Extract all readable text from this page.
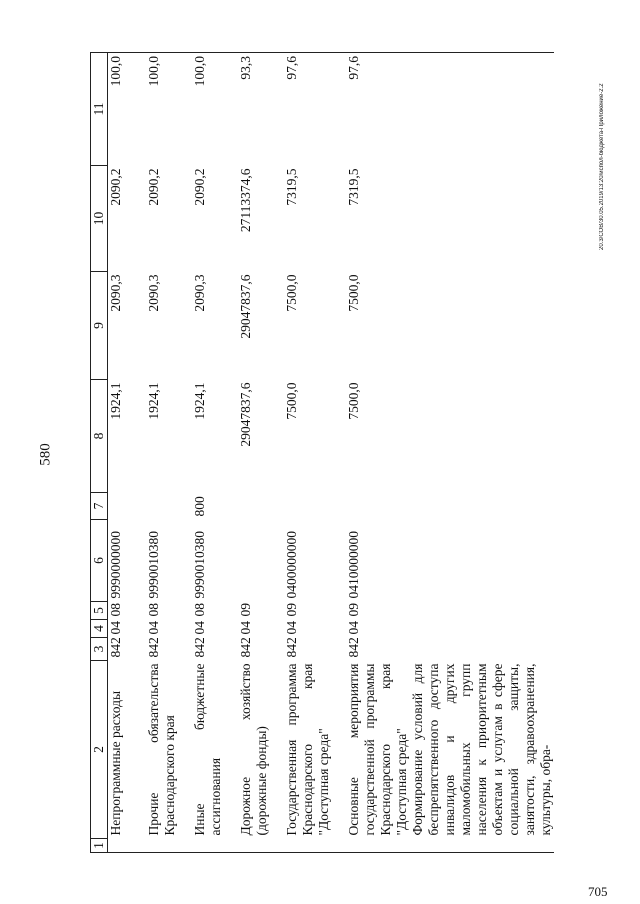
580
20.3/СОВ/30.05.2019/13:20/испол-бюджета-Приложение-2.2
705
1	2	3	4	5	6	7	8	9	10	11
	Непрограммные расходы	842	04	08	9990000000		1924,1	2090,3	2090,2	100,0
	Прочие обязательства Краснодарского края	842	04	08	9990010380		1924,1	2090,3	2090,2	100,0
	Иные бюджетные ассигнования	842	04	08	9990010380	800	1924,1	2090,3	2090,2	100,0
	Дорожное хозяйство (дорожные фонды)	842	04	09			29047837,6	29047837,6	27113374,6	93,3
	Государственная программа Краснодарского края "Доступная среда"	842	04	09	0400000000		7500,0	7500,0	7319,5	97,6
	Основные мероприятия государственной программы Краснодарского края "Доступная среда"	842	04	09	0410000000		7500,0	7500,0	7319,5	97,6
	Формирование условий для беспрепятственного доступа инвалидов и других маломобильных групп населения к приоритетным объектам и услугам в сфере социальной защиты, занятости, здравоохранения, культуры, обра-									
